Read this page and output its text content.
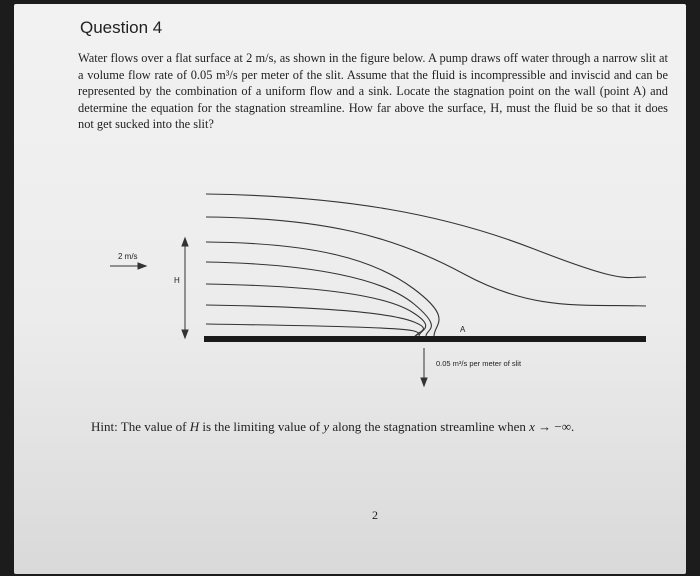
Question 4
Water flows over a flat surface at 2 m/s, as shown in the figure below. A pump draws off water through a narrow slit at a volume flow rate of 0.05 m³/s per meter of the slit. Assume that the fluid is incompressible and inviscid and can be represented by the combination of a uniform flow and a sink. Locate the stagnation point on the wall (point A) and determine the equation for the stagnation streamline. How far above the surface, H, must the fluid be so that it does not get sucked into the slit?
2 m/s
H
A
0.05 m³/s per meter of slit
Hint: The value of H is the limiting value of y along the stagnation streamline when x → −∞.
2
